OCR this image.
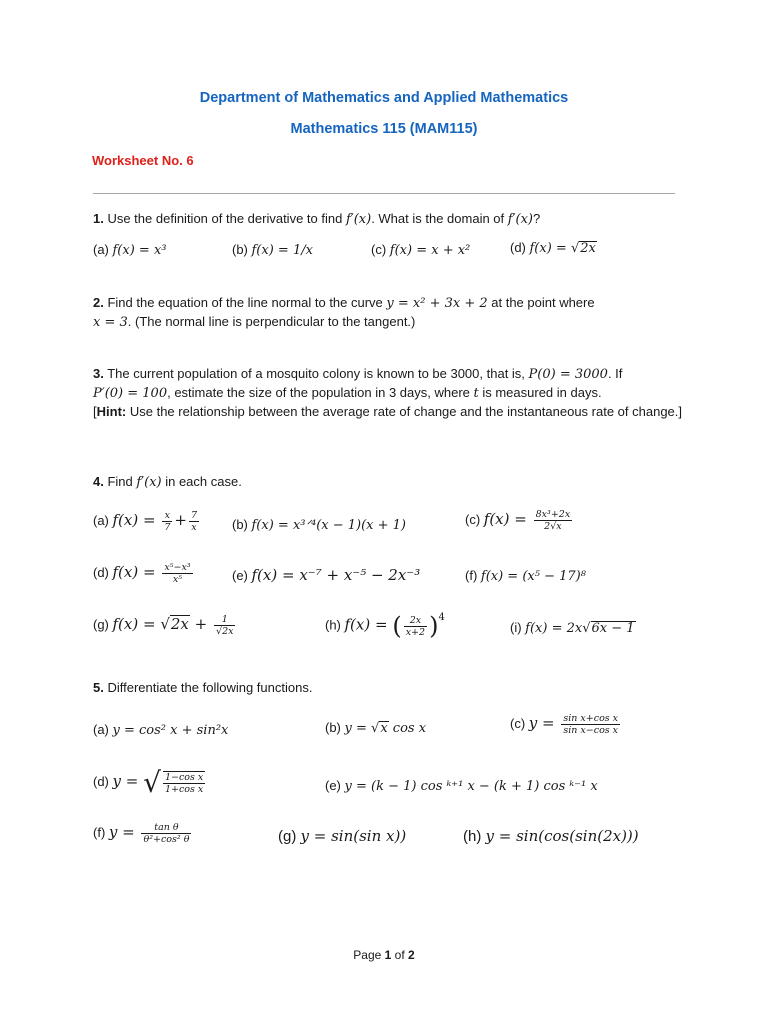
Department of Mathematics and Applied Mathematics
Mathematics 115 (MAM115)
Worksheet No. 6
1. Use the definition of the derivative to find f′(x). What is the domain of f′(x)?
(a) f(x) = x³	(b) f(x) = 1/x	(c) f(x) = x + x²	(d) f(x) = √2x
2. Find the equation of the line normal to the curve y = x² + 3x + 2 at the point where
x = 3. (The normal line is perpendicular to the tangent.)
3. The current population of a mosquito colony is known to be 3000, that is, P(0) = 3000. If
P′(0) = 100, estimate the size of the population in 3 days, where t is measured in days.
[Hint: Use the relationship between the average rate of change and the instantaneous rate of change.]
4. Find f′(x) in each case.
(a) $f(x) = \frac{x}{7} + \frac{7}{x}$	(b) f(x) = x³ᐟ⁴(x − 1)(x + 1)	(c) $f(x) = \frac{\text{8x³+2x}}{2√x}$
(d) $f(x) = \frac{\text{x⁵−x³}}{\text{x⁵}}$	(e) f(x) = x⁻⁷ + x⁻⁵ − 2x⁻³	(f) f(x) = (x⁵ − 17)⁸
(g) $f(x) = √2x + \frac{1}{√2x}$	(h) f(x) = ( $\frac{2x}{x+2} )^4$
(i) f(x) = 2x√6x − 1
5. Differentiate the following functions.
(a) y = cos² x + sin²x	(b) y = √x cos x	(c) $y = \frac{\text{sin x+cos x}}{\text{sin x−cos x}}$
(d) y = √ $\frac{\text{1−cos x}}{\text{1+cos x}}$	(e) y = (k − 1) cos ᵏ⁺¹ x − (k + 1) cos ᵏ⁻¹ x
(f) $y = \frac{\text{tan θ}}{\text{θ²+cos² θ}}$	(g) y = sin(sin x))	(h) y = sin(cos(sin(2x)))
Page 1 of 2
